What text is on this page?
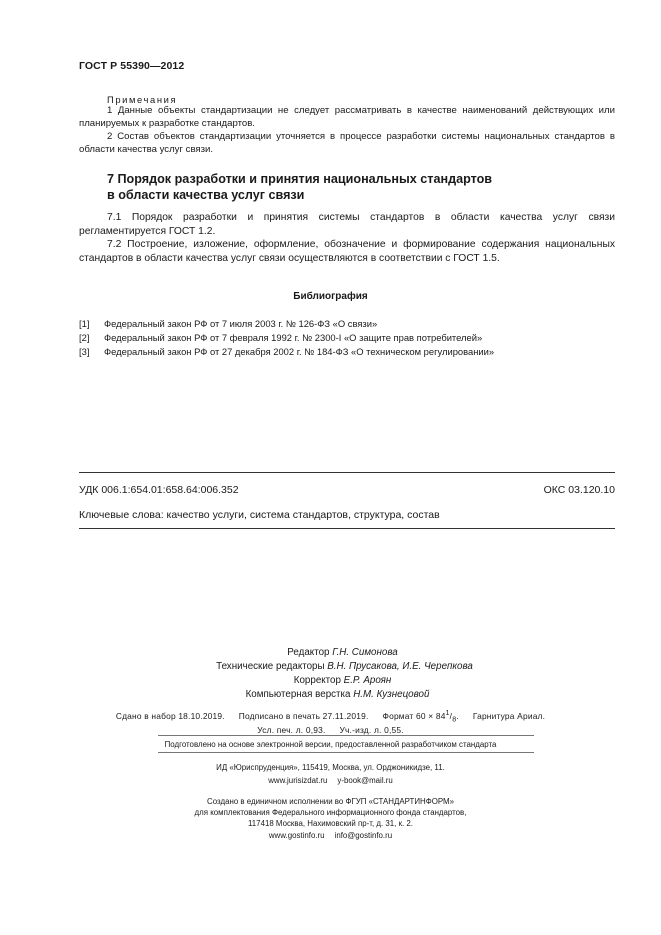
ГОСТ Р 55390—2012
Примечания
1 Данные объекты стандартизации не следует рассматривать в качестве наименований действующих или планируемых к разработке стандартов.
2 Состав объектов стандартизации уточняется в процессе разработки системы национальных стандартов в области качества услуг связи.
7 Порядок разработки и принятия национальных стандартов
в области качества услуг связи
7.1 Порядок разработки и принятия системы стандартов в области качества услуг связи регламентируется ГОСТ 1.2.
7.2 Построение, изложение, оформление, обозначение и формирование содержания национальных стандартов в области качества услуг связи осуществляются в соответствии с ГОСТ 1.5.
Библиография
[1]	Федеральный закон РФ от 7 июля 2003 г. № 126-ФЗ «О связи»
[2]	Федеральный закон РФ от 7 февраля 1992 г. № 2300-I «О защите прав потребителей»
[3]	Федеральный закон РФ от 27 декабря 2002 г. № 184-ФЗ «О техническом регулировании»
УДК 006.1:654.01:658.64:006.352	ОКС 03.120.10
Ключевые слова: качество услуги, система стандартов, структура, состав
Редактор Г.Н. Симонова
Технические редакторы В.Н. Прусакова, И.Е. Черепкова
Корректор Е.Р. Ароян
Компьютерная верстка Н.М. Кузнецовой
Сдано в набор 18.10.2019. Подписано в печать 27.11.2019. Формат $60 \times 84^1/_8$. Гарнитура Ариал.
Усл. печ. л. 0,93. Уч.-изд. л. 0,55.
Подготовлено на основе электронной версии, предоставленной разработчиком стандарта
ИД «Юриспруденция», 115419, Москва, ул. Орджоникидзе, 11.
www.jurisizdat.ru y-book@mail.ru
Создано в единичном исполнении во ФГУП «СТАНДАРТИНФОРМ»
для комплектования Федерального информационного фонда стандартов,
117418 Москва, Нахимовский пр-т, д. 31, к. 2.
www.gostinfo.ru info@gostinfo.ru
